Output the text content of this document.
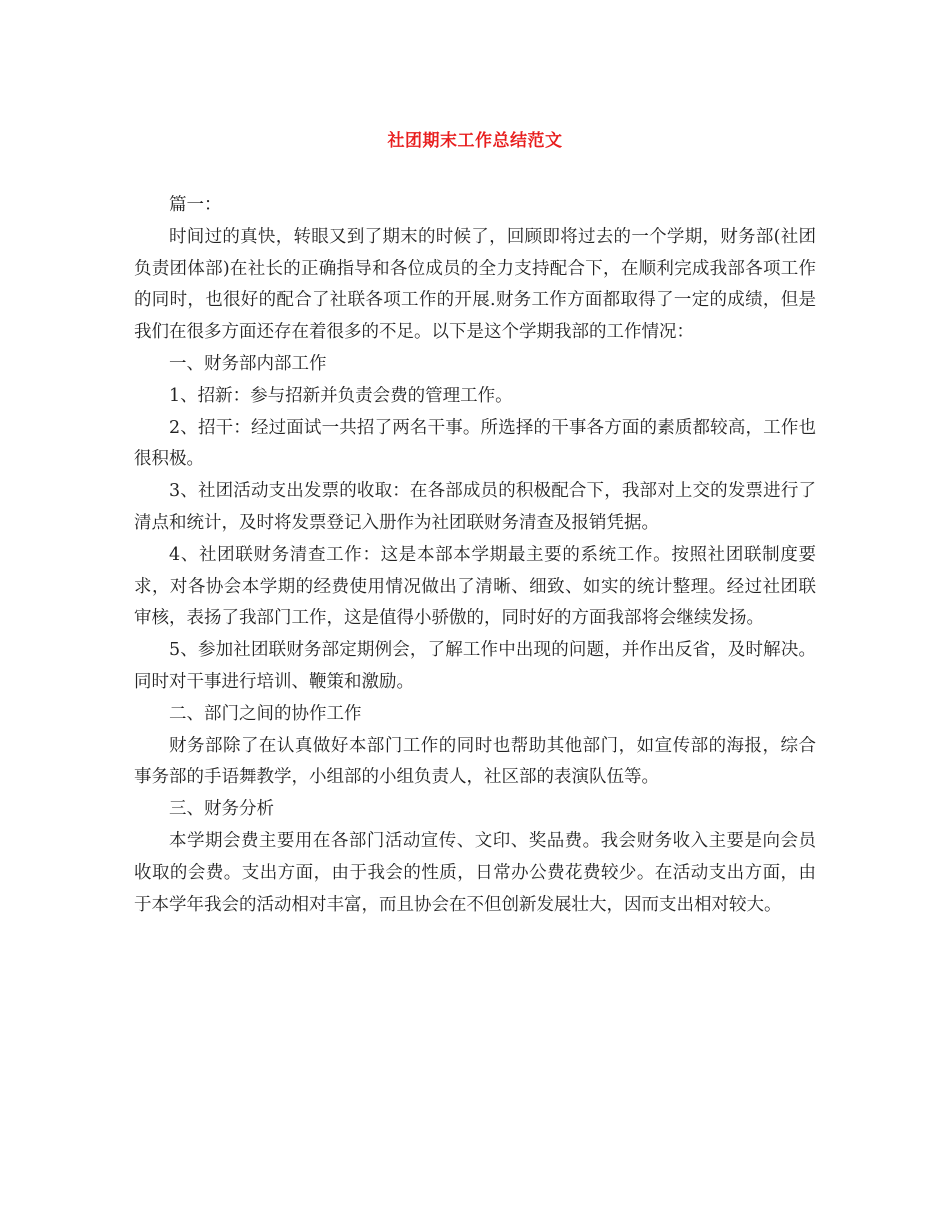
社团期末工作总结范文

篇一：

时间过的真快，转眼又到了期末的时候了，回顾即将过去的一个学期，财务部(社团负责团体部)在社长的正确指导和各位成员的全力支持配合下，在顺利完成我部各项工作的同时，也很好的配合了社联各项工作的开展.财务工作方面都取得了一定的成绩，但是我们在很多方面还存在着很多的不足。以下是这个学期我部的工作情况：

一、财务部内部工作

1、招新：参与招新并负责会费的管理工作。

2、招干：经过面试一共招了两名干事。所选择的干事各方面的素质都较高，工作也很积极。

3、社团活动支出发票的收取：在各部成员的积极配合下，我部对上交的发票进行了清点和统计，及时将发票登记入册作为社团联财务清查及报销凭据。

4、社团联财务清查工作：这是本部本学期最主要的系统工作。按照社团联制度要求，对各协会本学期的经费使用情况做出了清晰、细致、如实的统计整理。经过社团联审核，表扬了我部门工作，这是值得小骄傲的，同时好的方面我部将会继续发扬。

5、参加社团联财务部定期例会，了解工作中出现的问题，并作出反省，及时解决。同时对干事进行培训、鞭策和激励。

二、部门之间的协作工作

财务部除了在认真做好本部门工作的同时也帮助其他部门，如宣传部的海报，综合事务部的手语舞教学，小组部的小组负责人，社区部的表演队伍等。

三、财务分析

本学期会费主要用在各部门活动宣传、文印、奖品费。我会财务收入主要是向会员收取的会费。支出方面，由于我会的性质，日常办公费花费较少。在活动支出方面，由于本学年我会的活动相对丰富，而且协会在不但创新发展壮大，因而支出相对较大。
